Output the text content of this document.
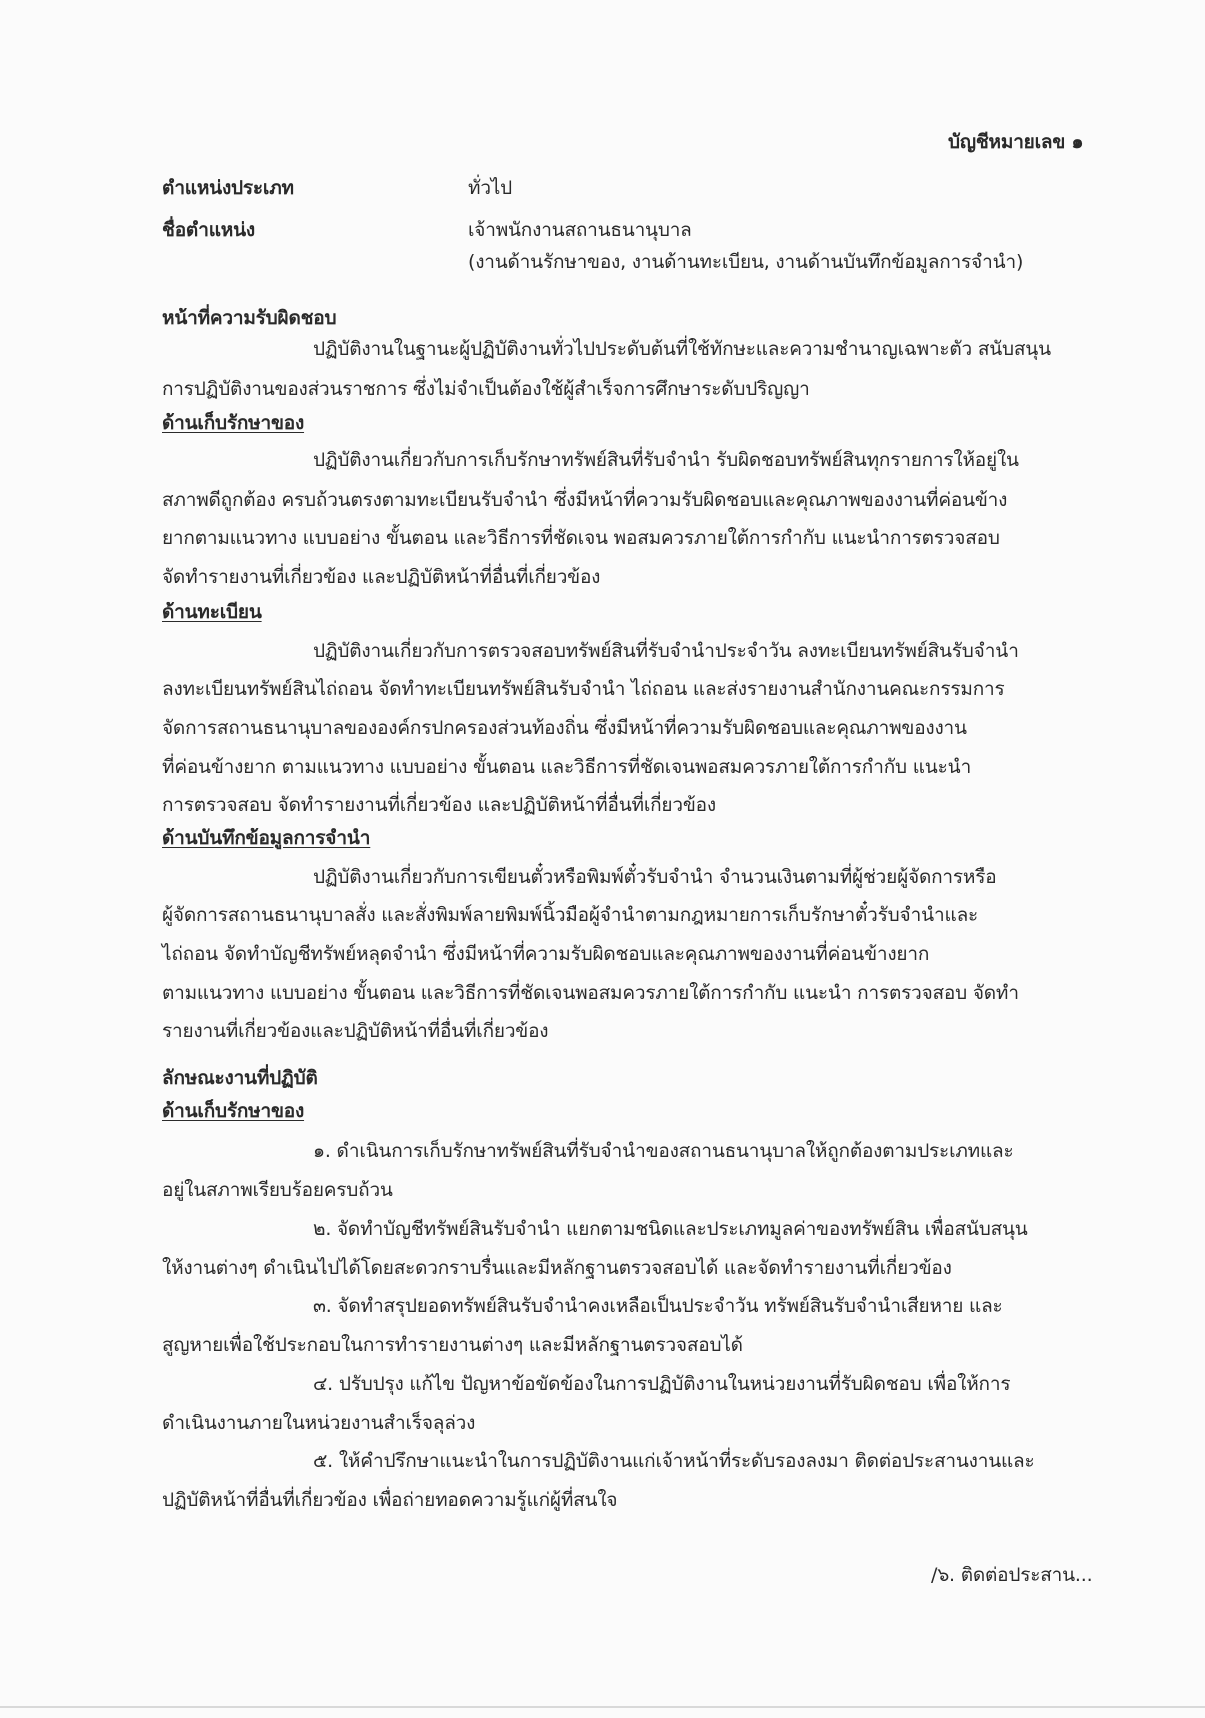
บัญชีหมายเลข ๑
ตำแหน่งประเภท	ทั่วไป
ชื่อตำแหน่ง	เจ้าพนักงานสถานธนานุบาล
(งานด้านรักษาของ, งานด้านทะเบียน, งานด้านบันทึกข้อมูลการจำนำ)
หน้าที่ความรับผิดชอบ
ปฏิบัติงานในฐานะผู้ปฏิบัติงานทั่วไปประดับต้นที่ใช้ทักษะและความชำนาญเฉพาะตัว สนับสนุน
การปฏิบัติงานของส่วนราชการ ซึ่งไม่จำเป็นต้องใช้ผู้สำเร็จการศึกษาระดับปริญญา
ด้านเก็บรักษาของ
ปฏิบัติงานเกี่ยวกับการเก็บรักษาทรัพย์สินที่รับจำนำ รับผิดชอบทรัพย์สินทุกรายการให้อยู่ใน
สภาพดีถูกต้อง ครบถ้วนตรงตามทะเบียนรับจำนำ ซึ่งมีหน้าที่ความรับผิดชอบและคุณภาพของงานที่ค่อนข้าง
ยากตามแนวทาง แบบอย่าง ขั้นตอน และวิธีการที่ชัดเจน พอสมควรภายใต้การกำกับ แนะนำการตรวจสอบ
จัดทำรายงานที่เกี่ยวข้อง และปฏิบัติหน้าที่อื่นที่เกี่ยวข้อง
ด้านทะเบียน
ปฏิบัติงานเกี่ยวกับการตรวจสอบทรัพย์สินที่รับจำนำประจำวัน ลงทะเบียนทรัพย์สินรับจำนำ
ลงทะเบียนทรัพย์สินไถ่ถอน จัดทำทะเบียนทรัพย์สินรับจำนำ ไถ่ถอน และส่งรายงานสำนักงานคณะกรรมการ
จัดการสถานธนานุบาลขององค์กรปกครองส่วนท้องถิ่น ซึ่งมีหน้าที่ความรับผิดชอบและคุณภาพของงาน
ที่ค่อนข้างยาก ตามแนวทาง แบบอย่าง ขั้นตอน และวิธีการที่ชัดเจนพอสมควรภายใต้การกำกับ แนะนำ
การตรวจสอบ จัดทำรายงานที่เกี่ยวข้อง และปฏิบัติหน้าที่อื่นที่เกี่ยวข้อง
ด้านบันทึกข้อมูลการจำนำ
ปฏิบัติงานเกี่ยวกับการเขียนตั๋วหรือพิมพ์ตั๋วรับจำนำ จำนวนเงินตามที่ผู้ช่วยผู้จัดการหรือ
ผู้จัดการสถานธนานุบาลสั่ง และสั่งพิมพ์ลายพิมพ์นิ้วมือผู้จำนำตามกฎหมายการเก็บรักษาตั๋วรับจำนำและ
ไถ่ถอน จัดทำบัญชีทรัพย์หลุดจำนำ ซึ่งมีหน้าที่ความรับผิดชอบและคุณภาพของงานที่ค่อนข้างยาก
ตามแนวทาง แบบอย่าง ขั้นตอน และวิธีการที่ชัดเจนพอสมควรภายใต้การกำกับ แนะนำ การตรวจสอบ จัดทำ
รายงานที่เกี่ยวข้องและปฏิบัติหน้าที่อื่นที่เกี่ยวข้อง
ลักษณะงานที่ปฏิบัติ
ด้านเก็บรักษาของ
๑. ดำเนินการเก็บรักษาทรัพย์สินที่รับจำนำของสถานธนานุบาลให้ถูกต้องตามประเภทและ
อยู่ในสภาพเรียบร้อยครบถ้วน
๒. จัดทำบัญชีทรัพย์สินรับจำนำ แยกตามชนิดและประเภทมูลค่าของทรัพย์สิน เพื่อสนับสนุน
ให้งานต่างๆ ดำเนินไปได้โดยสะดวกราบรื่นและมีหลักฐานตรวจสอบได้ และจัดทำรายงานที่เกี่ยวข้อง
๓. จัดทำสรุปยอดทรัพย์สินรับจำนำคงเหลือเป็นประจำวัน ทรัพย์สินรับจำนำเสียหาย และ
สูญหายเพื่อใช้ประกอบในการทำรายงานต่างๆ และมีหลักฐานตรวจสอบได้
๔. ปรับปรุง แก้ไข ปัญหาข้อขัดข้องในการปฏิบัติงานในหน่วยงานที่รับผิดชอบ เพื่อให้การ
ดำเนินงานภายในหน่วยงานสำเร็จลุล่วง
๕. ให้คำปรึกษาแนะนำในการปฏิบัติงานแก่เจ้าหน้าที่ระดับรองลงมา ติดต่อประสานงานและ
ปฏิบัติหน้าที่อื่นที่เกี่ยวข้อง เพื่อถ่ายทอดความรู้แก่ผู้ที่สนใจ
/๖. ติดต่อประสาน...
